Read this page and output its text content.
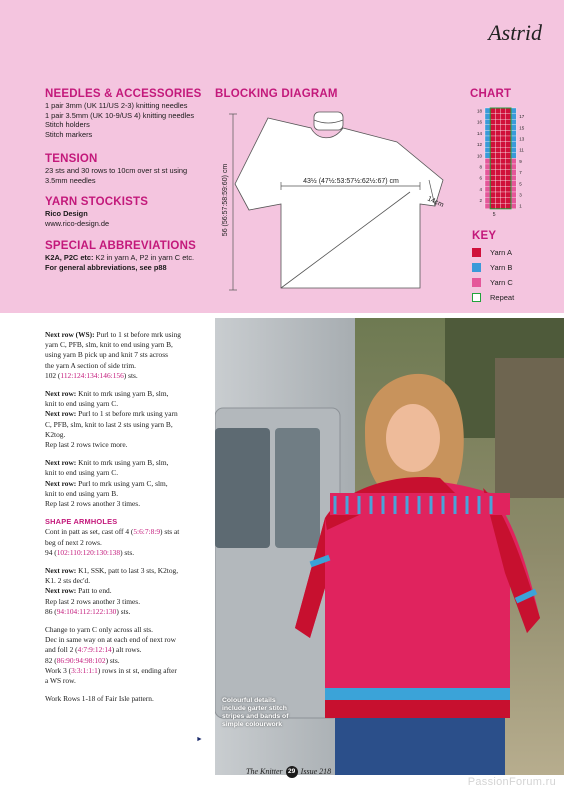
Astrid
NEEDLES & ACCESSORIES
1 pair 3mm (UK 11/US 2-3) knitting needles
1 pair 3.5mm (UK 10-9/US 4) knitting needles
Stitch holders
Stitch markers
TENSION
23 sts and 30 rows to 10cm over st st using
3.5mm needles
YARN STOCKISTS
Rico Design
www.rico-design.de
SPECIAL ABBREVIATIONS
K2A, P2C etc: K2 in yarn A, P2 in yarn C etc.
For general abbreviations, see p88
BLOCKING DIAGRAM
43½ (47½:53:57½:62½:67) cm
56 (56:57:58:59:60) cm	14cm
CHART
18
16
14
12
10
8
6
4
2
17
15
13
11
9
7
5
3
1
5
KEY
Yarn A
Yarn B
Yarn C
Repeat
Next row (WS): Purl to 1 st before mrk using
yarn C, PFB, slm, knit to end using yarn B,
using yarn B pick up and knit 7 sts across
the yarn A section of side trim.
102 (112:124:134:146:156) sts.
Next row: Knit to mrk using yarn B, slm,
knit to end using yarn C.
Next row: Purl to 1 st before mrk using yarn
C, PFB, slm, knit to last 2 sts using yarn B,
K2tog.
Rep last 2 rows twice more.
Next row: Knit to mrk using yarn B, slm,
knit to end using yarn C.
Next row: Purl to mrk using yarn C, slm,
knit to end using yarn B.
Rep last 2 rows another 3 times.
SHAPE ARMHOLES
Cont in patt as set, cast off 4 (5:6:7:8:9) sts at
beg of next 2 rows.
94 (102:110:120:130:138) sts.
Next row: K1, SSK, patt to last 3 sts, K2tog,
K1. 2 sts dec'd.
Next row: Patt to end.
Rep last 2 rows another 3 times.
86 (94:104:112:122:130) sts.
Change to yarn C only across all sts.
Dec in same way on at each end of next row
and foll 2 (4:7:9:12:14) alt rows.
82 (86:90:94:98:102) sts.
Work 3 (3:3:1:1:1) rows in st st, ending after
a WS row.
Work Rows 1-18 of Fair Isle pattern.
►
Colourful details
include garter stitch
stripes and bands of
simple colourwork
The Knitter 29 Issue 218
PassionForum.ru
